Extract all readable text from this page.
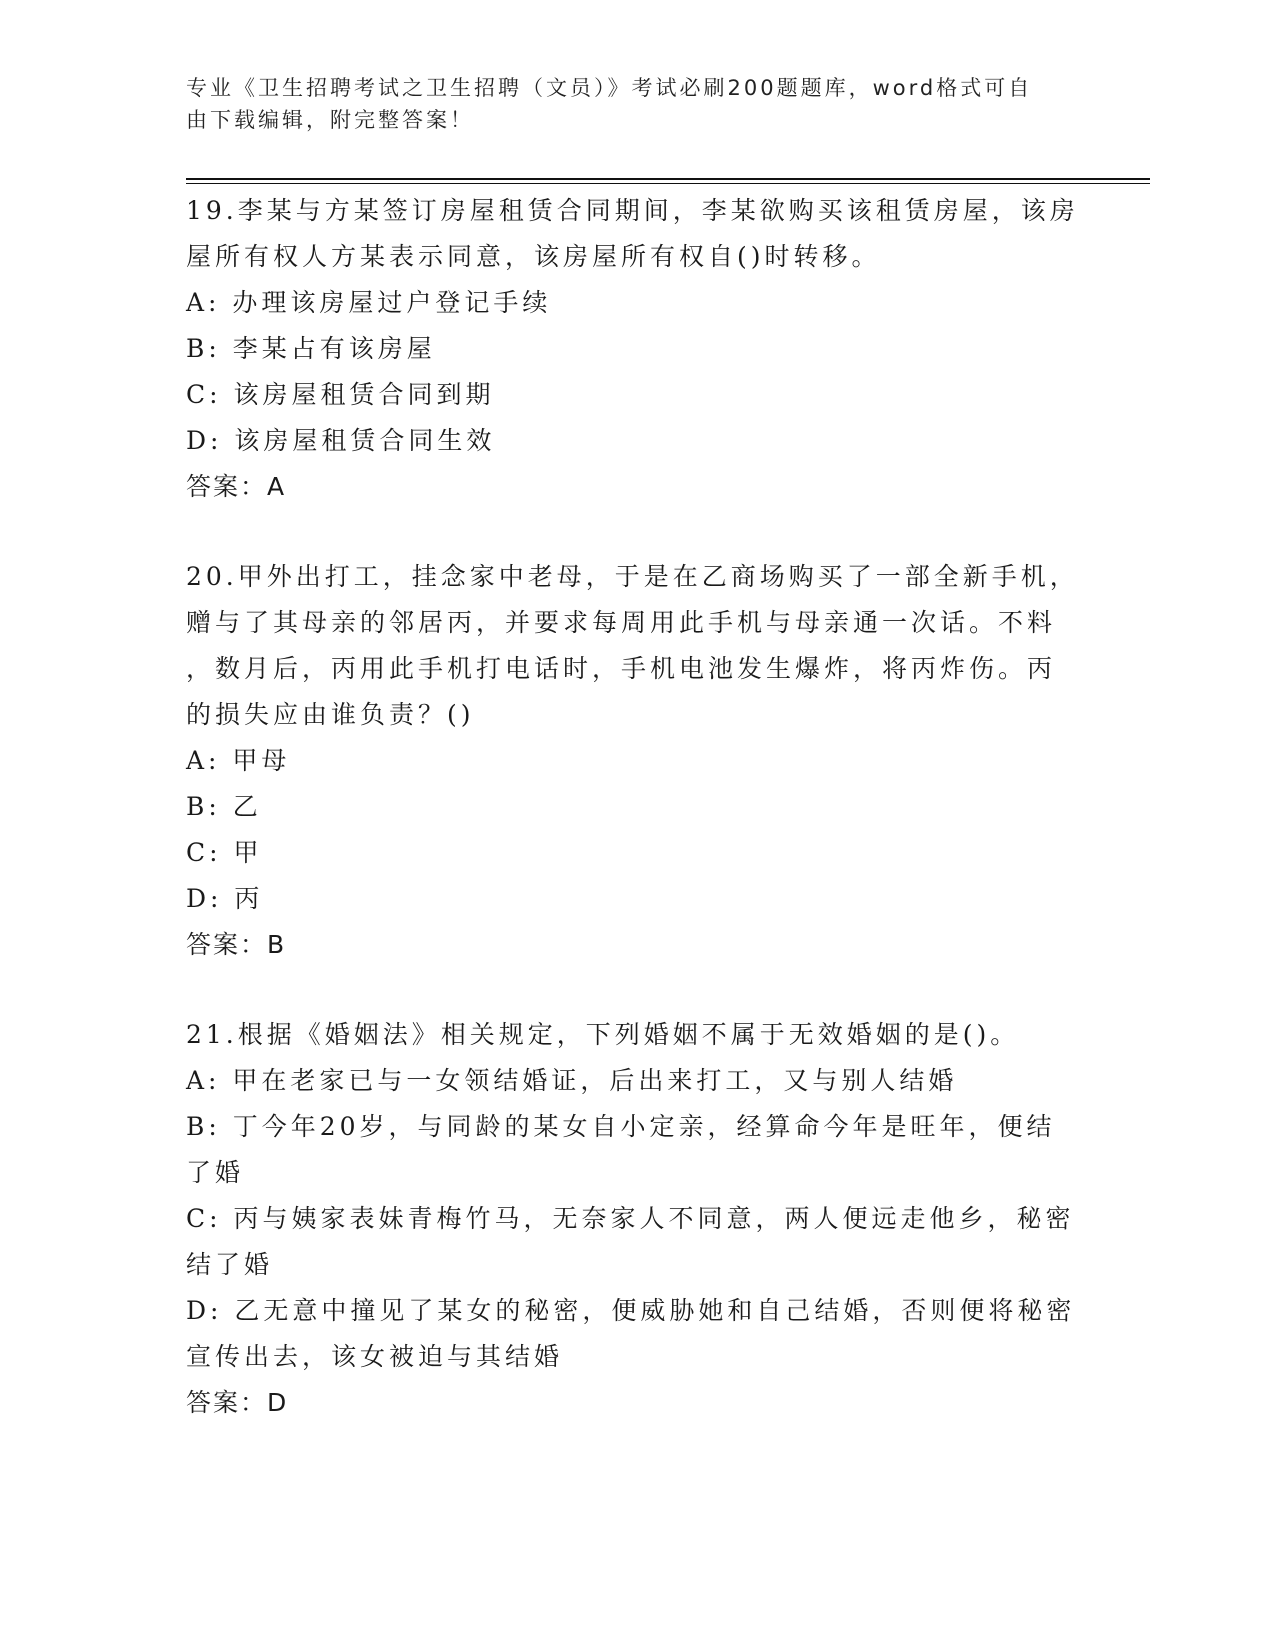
专业《卫生招聘考试之卫生招聘（文员）》考试必刷200题题库，word格式可自
由下载编辑，附完整答案！

19.李某与方某签订房屋租赁合同期间，李某欲购买该租赁房屋，该房

屋所有权人方某表示同意，该房屋所有权自()时转移。

A: 办理该房屋过户登记手续

B: 李某占有该房屋

C: 该房屋租赁合同到期

D: 该房屋租赁合同生效

答案：A

20.甲外出打工，挂念家中老母，于是在乙商场购买了一部全新手机，

赠与了其母亲的邻居丙，并要求每周用此手机与母亲通一次话。不料

，数月后，丙用此手机打电话时，手机电池发生爆炸，将丙炸伤。丙

的损失应由谁负责？()

A: 甲母

B: 乙

C: 甲

D: 丙

答案：B

21.根据《婚姻法》相关规定，下列婚姻不属于无效婚姻的是()。

A: 甲在老家已与一女领结婚证，后出来打工，又与别人结婚

B: 丁今年20岁，与同龄的某女自小定亲，经算命今年是旺年，便结

了婚

C: 丙与姨家表妹青梅竹马，无奈家人不同意，两人便远走他乡，秘密

结了婚

D: 乙无意中撞见了某女的秘密，便威胁她和自己结婚，否则便将秘密

宣传出去，该女被迫与其结婚

答案：D
